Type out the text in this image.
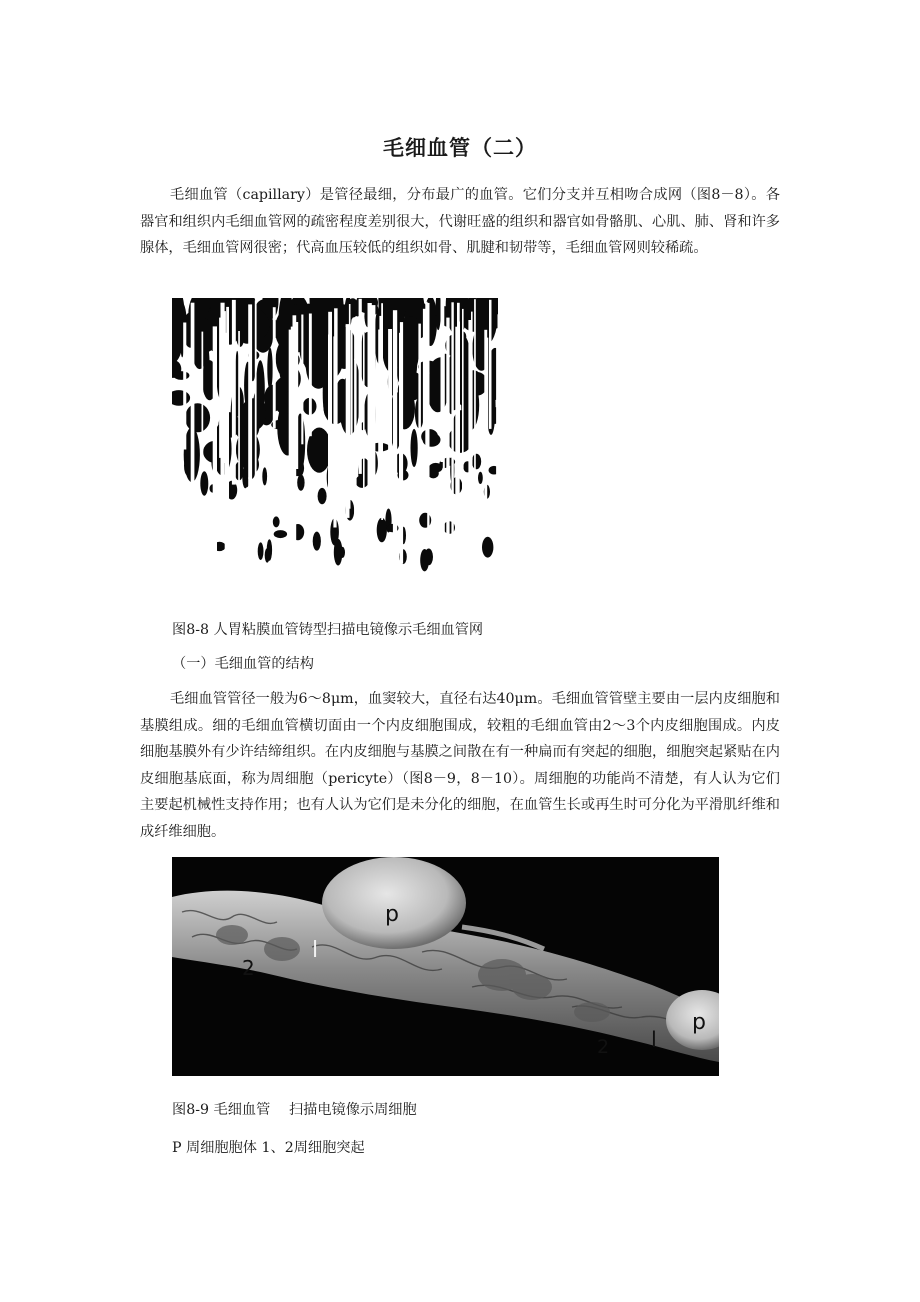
毛细血管（二）

毛细血管（capillary）是管径最细，分布最广的血管。它们分支并互相吻合成网（图8－8）。各器官和组织内毛细血管网的疏密程度差别很大，代谢旺盛的组织和器官如骨骼肌、心肌、肺、肾和许多腺体，毛细血管网很密；代高血压较低的组织如骨、肌腱和韧带等，毛细血管网则较稀疏。

图8-8 人胃粘膜血管铸型扫描电镜像示毛细血管网
（一）毛细血管的结构

毛细血管管径一般为6～8μm，血窦较大，直径右达40μm。毛细血管管壁主要由一层内皮细胞和基膜组成。细的毛细血管横切面由一个内皮细胞围成，较粗的毛细血管由2～3个内皮细胞围成。内皮细胞基膜外有少许结缔组织。在内皮细胞与基膜之间散在有一种扁而有突起的细胞，细胞突起紧贴在内皮细胞基底面，称为周细胞（pericyte）（图8－9，8－10）。周细胞的功能尚不清楚，有人认为它们主要起机械性支持作用；也有人认为它们是未分化的细胞，在血管生长或再生时可分化为平滑肌纤维和成纤维细胞。

p
l
2
2 l
p
图8-9 毛细血管　 扫描电镜像示周细胞
P 周细胞胞体 1、2周细胞突起
